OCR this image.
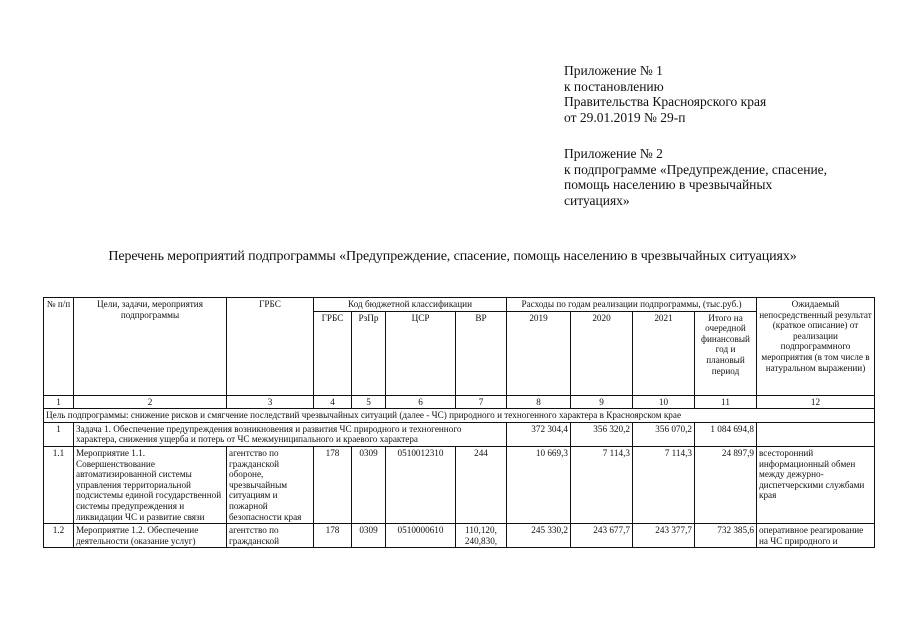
Приложение № 1
к постановлению
Правительства Красноярского края
от 29.01.2019 № 29-п
Приложение № 2
к подпрограмме «Предупреждение, спасение,
помощь населению в чрезвычайных
ситуациях»
Перечень мероприятий подпрограммы «Предупреждение, спасение, помощь населению в чрезвычайных ситуациях»
№ п/п	Цели, задачи, мероприятия подпрограммы	ГРБС	Код бюджетной классификации				Расходы по годам реализации подпрограммы, (тыс.руб.)				Ожидаемый непосредственный результат (краткое описание) от реализации подпрограммного мероприятия (в том числе в натуральном выражении)
			ГРБС	РзПр	ЦСР	ВР	2019	2020	2021	Итого на очередной финансовый год и плановый период	
1	2	3	4	5	6	7	8	9	10	11	12
Цель подпрограммы: снижение рисков и смягчение последствий чрезвычайных ситуаций (далее - ЧС) природного и техногенного характера в Красноярском крае											
1	Задача 1. Обеспечение предупреждения возникновения и развития ЧС природного и техногенного характера, снижения ущерба и потерь от ЧС межмуниципального и краевого характера						372 304,4	356 320,2	356 070,2	1 084 694,8	
1.1	Мероприятие 1.1. Совершенствование автоматизированной системы управления территориальной подсистемы единой государственной системы предупреждения и ликвидации ЧС и развитие связи	агентство по гражданской обороне, чрезвычайным ситуациям и пожарной безопасности края	178	0309	0510012310	244	10 669,3	7 114,3	7 114,3	24 897,9	всесторонний информационный обмен между дежурно-диспетчерскими службами края
1.2	Мероприятие 1.2. Обеспечение деятельности (оказание услуг)	агентство по гражданской	178	0309	0510000610	110,120, 240,830,	245 330,2	243 677,7	243 377,7	732 385,6	оперативное реагирование на ЧС природного и
